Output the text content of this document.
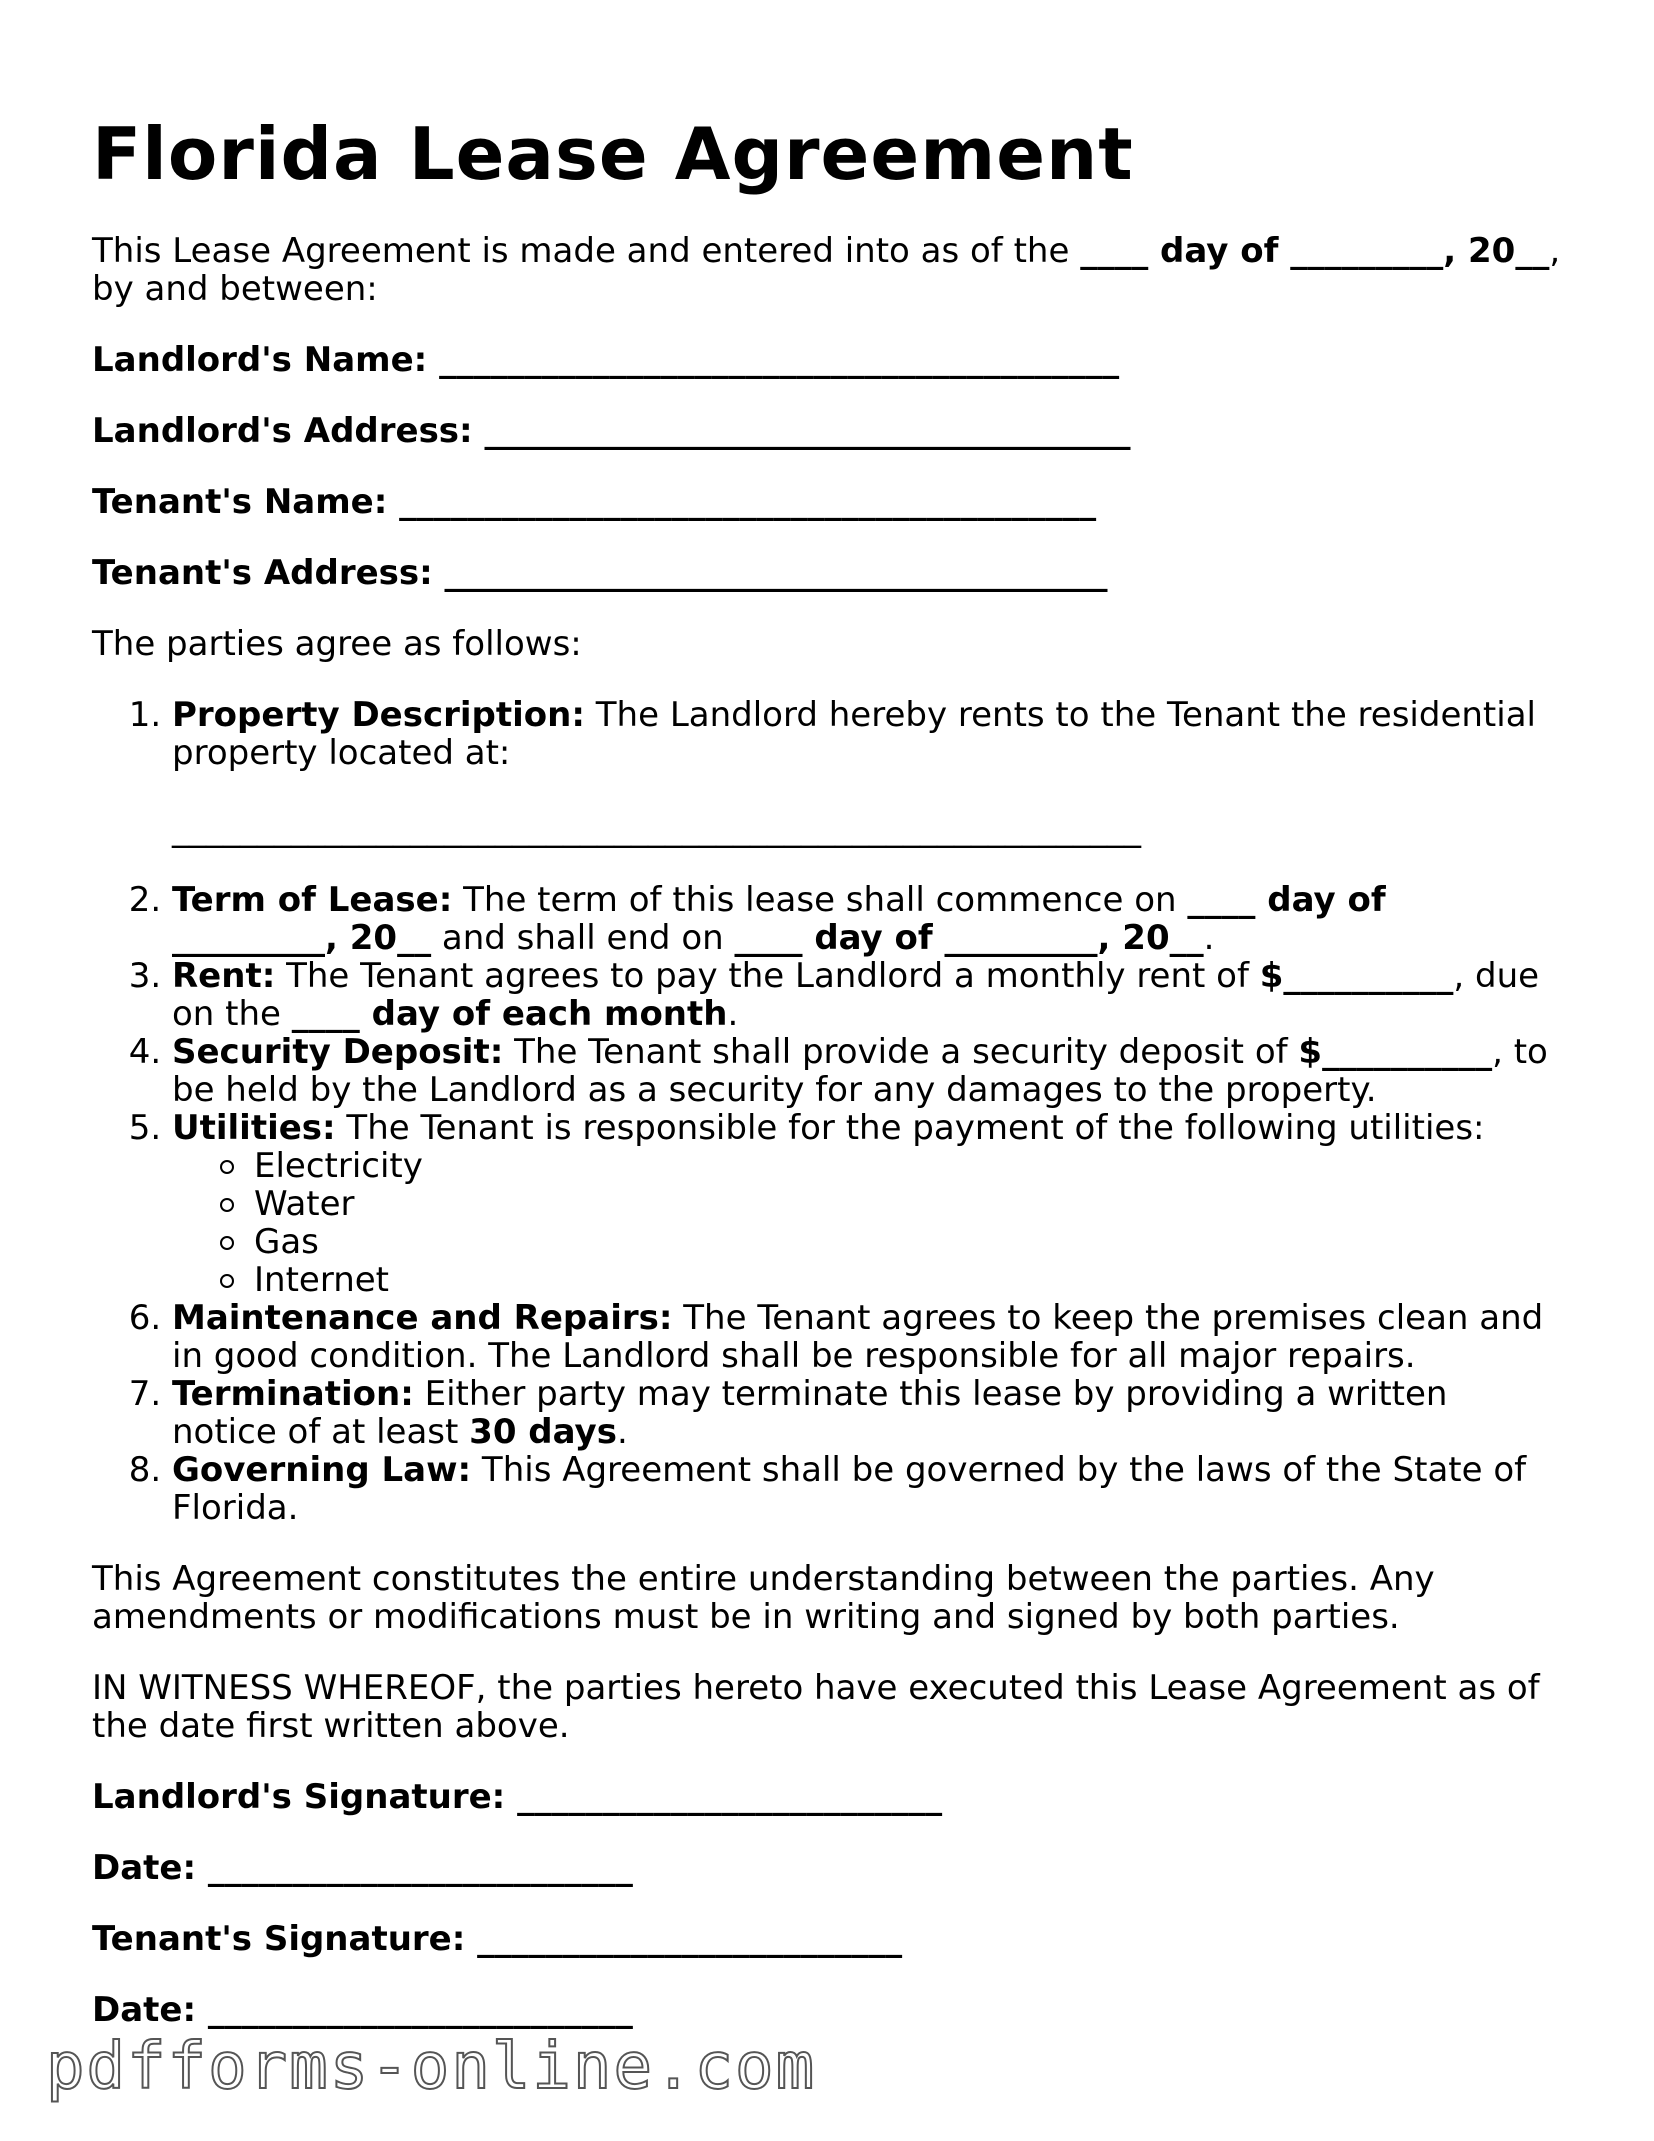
Florida Lease Agreement

This Lease Agreement is made and entered into as of the ____ day of _________, 20__, by and between:

Landlord's Name: ________________________________________
Landlord's Address: ______________________________________
Tenant's Name: _________________________________________
Tenant's Address: _______________________________________

The parties agree as follows:

1. Property Description: The Landlord hereby rents to the Tenant the residential property located at:
_________________________________________________________
2. Term of Lease: The term of this lease shall commence on ____ day of _________, 20__ and shall end on ____ day of _________, 20__.
3. Rent: The Tenant agrees to pay the Landlord a monthly rent of $__________, due on the ____ day of each month.
4. Security Deposit: The Tenant shall provide a security deposit of $__________, to be held by the Landlord as a security for any damages to the property.
5. Utilities: The Tenant is responsible for the payment of the following utilities:
Electricity
Water
Gas
Internet
6. Maintenance and Repairs: The Tenant agrees to keep the premises clean and in good condition. The Landlord shall be responsible for all major repairs.
7. Termination: Either party may terminate this lease by providing a written notice of at least 30 days.
8. Governing Law: This Agreement shall be governed by the laws of the State of Florida.

This Agreement constitutes the entire understanding between the parties. Any amendments or modifications must be in writing and signed by both parties.

IN WITNESS WHEREOF, the parties hereto have executed this Lease Agreement as of the date first written above.

Landlord's Signature: _________________________
Date: _________________________
Tenant's Signature: _________________________
Date: _________________________
pdfforms-online.com
